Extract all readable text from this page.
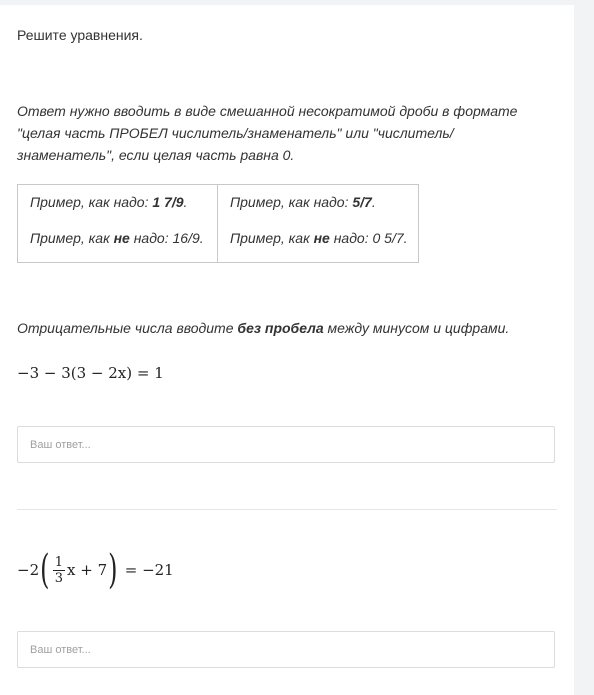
Решите уравнения.
Ответ нужно вводить в виде смешанной несократимой дроби в формате "целая часть ПРОБЕЛ числитель/знаменатель" или "числитель/знаменатель", если целая часть равна 0.
Пример, как надо: 1 7/9.
Пример, как не надо: 16/9.

Пример, как надо: 5/7.
Пример, как не надо: 0 5/7.
Отрицательные числа вводите без пробела между минусом и цифрами.
−3 − 3(3 − 2x) = 1
Ваш ответ...
−2 ( $\frac{1}{3}$ x + 7 ) = −21
Ваш ответ...
